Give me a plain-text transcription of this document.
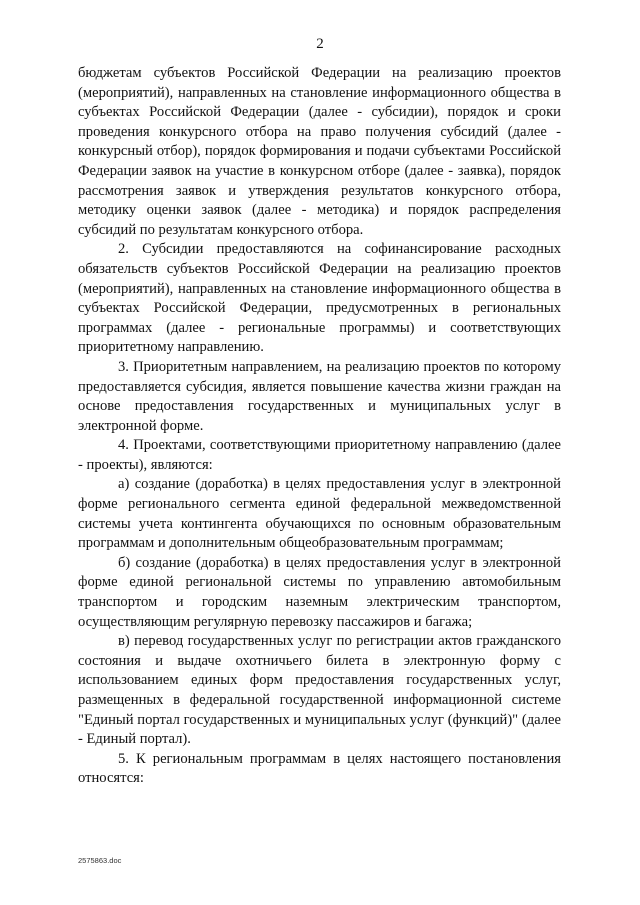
2

бюджетам субъектов Российской Федерации на реализацию проектов (мероприятий), направленных на становление информационного общества в субъектах Российской Федерации (далее - субсидии), порядок и сроки проведения конкурсного отбора на право получения субсидий (далее - конкурсный отбор), порядок формирования и подачи субъектами Российской Федерации заявок на участие в конкурсном отборе (далее - заявка), порядок рассмотрения заявок и утверждения результатов конкурсного отбора, методику оценки заявок (далее - методика) и порядок распределения субсидий по результатам конкурсного отбора.

2. Субсидии предоставляются на софинансирование расходных обязательств субъектов Российской Федерации на реализацию проектов (мероприятий), направленных на становление информационного общества в субъектах Российской Федерации, предусмотренных в региональных программах (далее - региональные программы) и соответствующих приоритетному направлению.

3. Приоритетным направлением, на реализацию проектов по которому предоставляется субсидия, является повышение качества жизни граждан на основе предоставления государственных и муниципальных услуг в электронной форме.

4. Проектами, соответствующими приоритетному направлению (далее - проекты), являются:

а) создание (доработка) в целях предоставления услуг в электронной форме регионального сегмента единой федеральной межведомственной системы учета контингента обучающихся по основным образовательным программам и дополнительным общеобразовательным программам;

б) создание (доработка) в целях предоставления услуг в электронной форме единой региональной системы по управлению автомобильным транспортом и городским наземным электрическим транспортом, осуществляющим регулярную перевозку пассажиров и багажа;

в) перевод государственных услуг по регистрации актов гражданского состояния и выдаче охотничьего билета в электронную форму с использованием единых форм предоставления государственных услуг, размещенных в федеральной государственной информационной системе "Единый портал государственных и муниципальных услуг (функций)" (далее - Единый портал).

5. К региональным программам в целях настоящего постановления относятся:

2575863.doc
